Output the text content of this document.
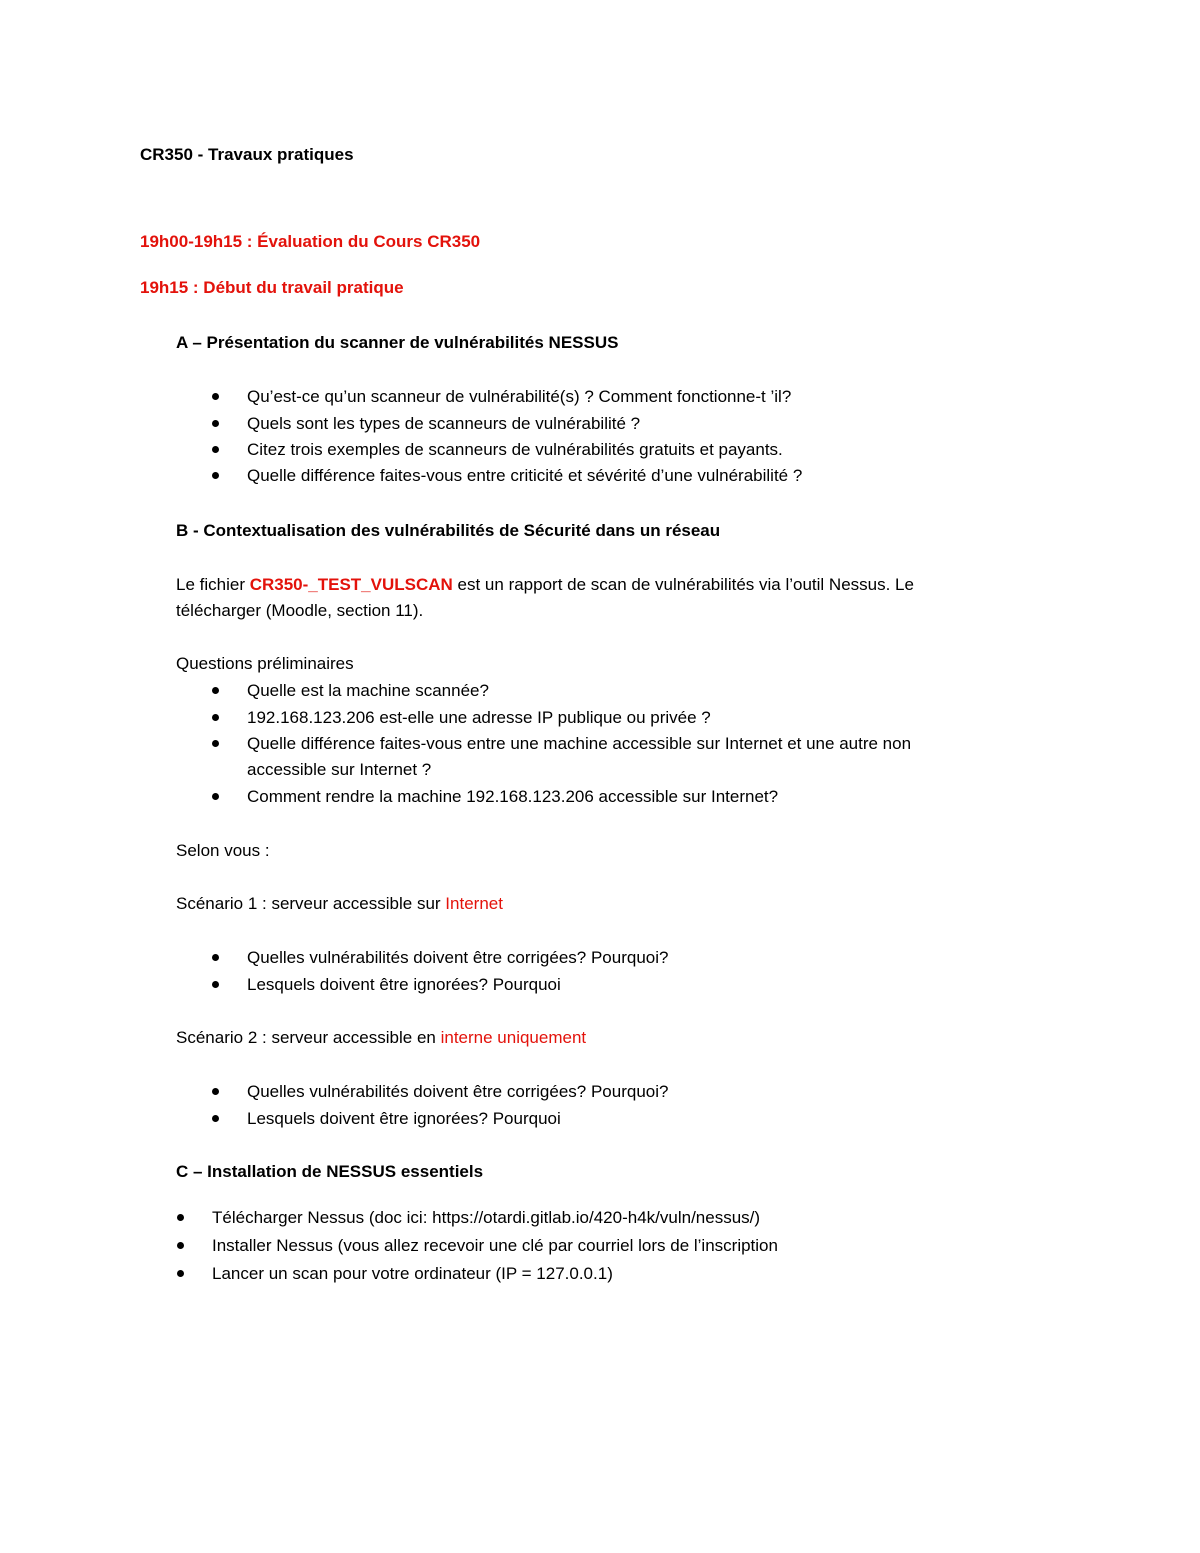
CR350 - Travaux pratiques
19h00-19h15 : Évaluation du Cours CR350
19h15 : Début du travail pratique
A – Présentation du scanner de vulnérabilités NESSUS
Qu’est-ce qu’un scanneur de vulnérabilité(s) ? Comment fonctionne-t ’il?
Quels sont les types de scanneurs de vulnérabilité ?
Citez trois exemples de scanneurs de vulnérabilités gratuits et payants.
Quelle différence faites-vous entre criticité et sévérité d’une vulnérabilité ?
B - Contextualisation des vulnérabilités de Sécurité dans un réseau
Le fichier CR350-_TEST_VULSCAN est un rapport de scan de vulnérabilités via l’outil Nessus. Le
télécharger (Moodle, section 11).
Questions préliminaires
Quelle est la machine scannée?
192.168.123.206 est-elle une adresse IP publique ou privée ?
Quelle différence faites-vous entre une machine accessible sur Internet et une autre non
accessible sur Internet ?
Comment rendre la machine 192.168.123.206 accessible sur Internet?
Selon vous :
Scénario 1 : serveur accessible sur Internet
Quelles vulnérabilités doivent être corrigées? Pourquoi?
Lesquels doivent être ignorées? Pourquoi
Scénario 2 : serveur accessible en interne uniquement
Quelles vulnérabilités doivent être corrigées? Pourquoi?
Lesquels doivent être ignorées? Pourquoi
C – Installation de NESSUS essentiels
Télécharger Nessus (doc ici: https://otardi.gitlab.io/420-h4k/vuln/nessus/)
Installer Nessus (vous allez recevoir une clé par courriel lors de l’inscription
Lancer un scan pour votre ordinateur (IP = 127.0.0.1)
